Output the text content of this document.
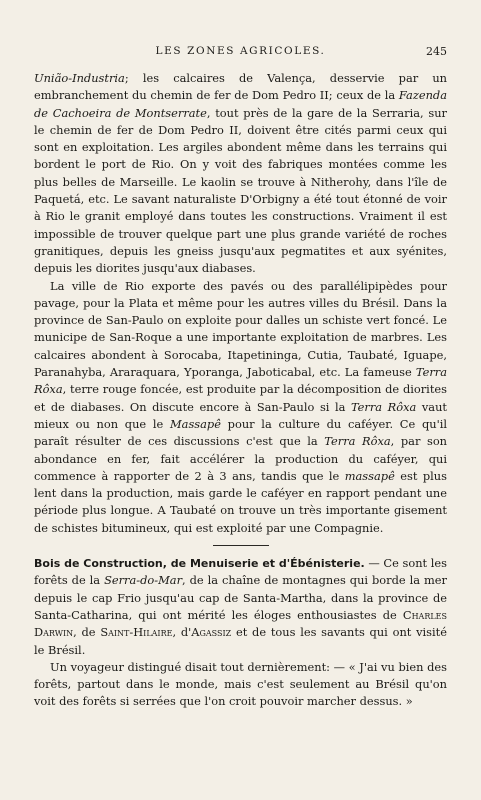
LES ZONES AGRICOLES.	245

União-Industria; les calcaires de Valença, desservie par un embranchement du chemin de fer de Dom Pedro II; ceux de la Fazenda de Cachoeira de Montserrate, tout près de la gare de la Serraria, sur le chemin de fer de Dom Pedro II, doivent être cités parmi ceux qui sont en exploitation. Les argiles abondent même dans les terrains qui bordent le port de Rio. On y voit des fabriques montées comme les plus belles de Marseille. Le kaolin se trouve à Nitherohy, dans l'île de Paquetá, etc. Le savant naturaliste D'Orbigny a été tout étonné de voir à Rio le granit employé dans toutes les constructions. Vraiment il est impossible de trouver quelque part une plus grande variété de roches granitiques, depuis les gneiss jusqu'aux pegmatites et aux syénites, depuis les diorites jusqu'aux diabases.

La ville de Rio exporte des pavés ou des parallélipipèdes pour pavage, pour la Plata et même pour les autres villes du Brésil. Dans la province de San-Paulo on exploite pour dalles un schiste vert foncé. Le municipe de San-Roque a une importante exploitation de marbres. Les calcaires abondent à Sorocaba, Itapetininga, Cutia, Taubaté, Iguape, Paranahyba, Araraquara, Yporanga, Jaboticabal, etc. La fameuse Terra Rôxa, terre rouge foncée, est produite par la décomposition de diorites et de diabases. On discute encore à San-Paulo si la Terra Rôxa vaut mieux ou non que le Massapê pour la culture du caféyer. Ce qu'il paraît résulter de ces discussions c'est que la Terra Rôxa, par son abondance en fer, fait accélérer la production du caféyer, qui commence à rapporter de 2 à 3 ans, tandis que le massapê est plus lent dans la production, mais garde le caféyer en rapport pendant une période plus longue. A Taubaté on trouve un très importante gisement de schistes bitumineux, qui est exploité par une Compagnie.

Bois de Construction, de Menuiserie et d'Ébénisterie. — Ce sont les forêts de la Serra-do-Mar, de la chaîne de montagnes qui borde la mer depuis le cap Frio jusqu'au cap de Santa-Martha, dans la province de Santa-Catharina, qui ont mérité les éloges enthousiastes de Charles Darwin, de Saint-Hilaire, d'Agassiz et de tous les savants qui ont visité le Brésil.

Un voyageur distingué disait tout dernièrement: — « J'ai vu bien des forêts, partout dans le monde, mais c'est seulement au Brésil qu'on voit des forêts si serrées que l'on croit pouvoir marcher dessus. »
